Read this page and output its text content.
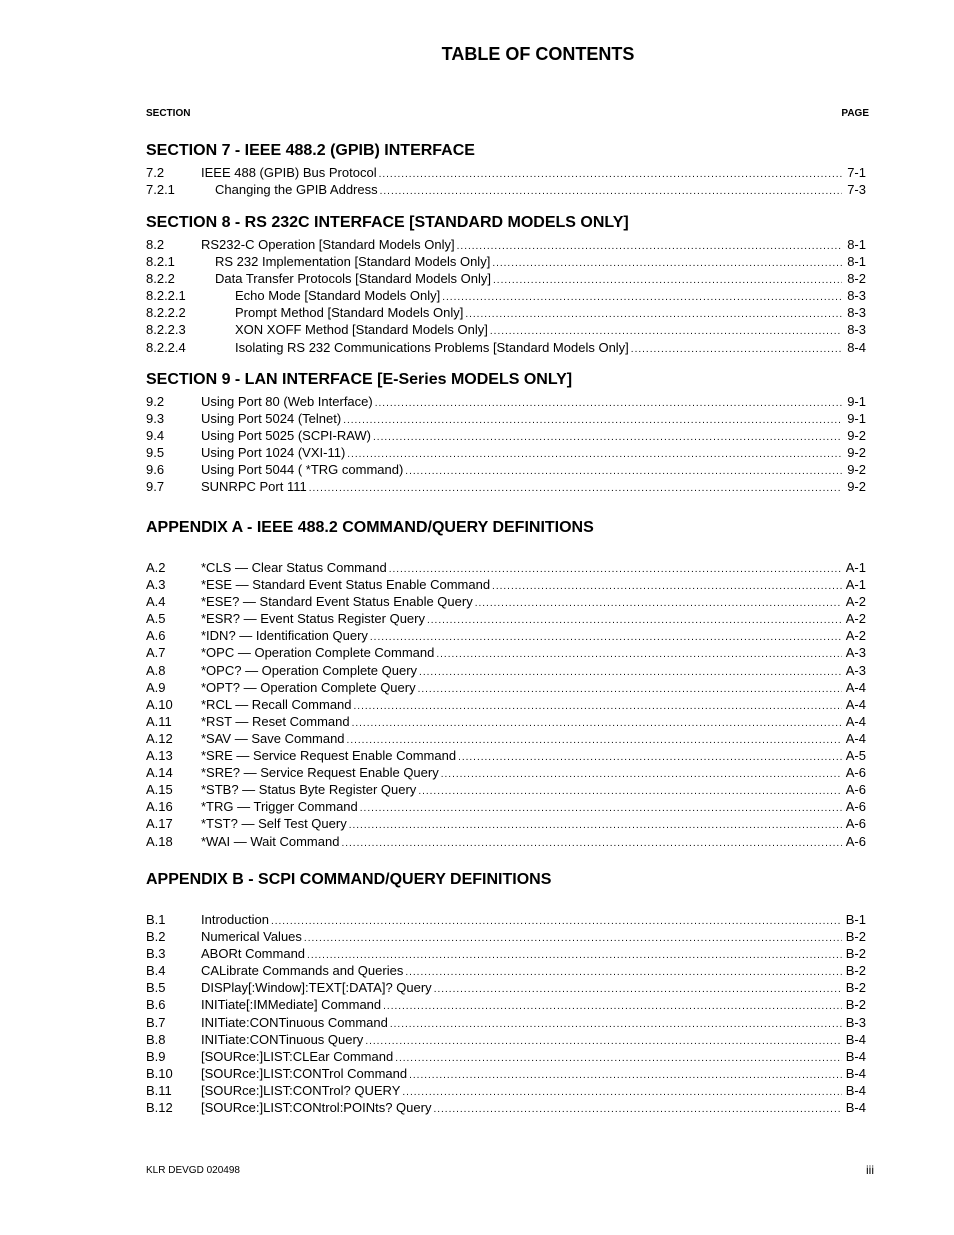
TABLE OF CONTENTS
SECTION	PAGE
SECTION 7 - IEEE 488.2 (GPIB) INTERFACE
7.2	IEEE 488 (GPIB) Bus Protocol .....	7-1
7.2.1	Changing the GPIB Address .....	7-3
SECTION 8 - RS 232C INTERFACE [STANDARD MODELS ONLY]
8.2	RS232-C Operation [Standard Models Only] .....	8-1
8.2.1	RS 232 Implementation [Standard Models Only] .....	8-1
8.2.2	Data Transfer Protocols [Standard Models Only] .....	8-2
8.2.2.1	Echo Mode [Standard Models Only] .....	8-3
8.2.2.2	Prompt Method [Standard Models Only] .....	8-3
8.2.2.3	XON XOFF Method [Standard Models Only] .....	8-3
8.2.2.4	Isolating RS 232 Communications Problems [Standard Models Only] .....	8-4
SECTION 9 - LAN INTERFACE [E-Series MODELS ONLY]
9.2	Using Port 80 (Web Interface) .....	9-1
9.3	Using Port 5024 (Telnet) .....	9-1
9.4	Using Port 5025 (SCPI-RAW) .....	9-2
9.5	Using Port 1024 (VXI-11) .....	9-2
9.6	Using Port 5044 ( *TRG command) .....	9-2
9.7	SUNRPC Port 111 .....	9-2
APPENDIX A - IEEE 488.2 COMMAND/QUERY DEFINITIONS
A.2	*CLS — Clear Status Command .....	A-1
A.3	*ESE — Standard Event Status Enable Command .....	A-1
A.4	*ESE? — Standard Event Status Enable Query .....	A-2
A.5	*ESR? — Event Status Register Query .....	A-2
A.6	*IDN? — Identification Query .....	A-2
A.7	*OPC — Operation Complete Command .....	A-3
A.8	*OPC? — Operation Complete Query .....	A-3
A.9	*OPT? — Operation Complete Query .....	A-4
A.10	*RCL — Recall Command .....	A-4
A.11	*RST — Reset Command .....	A-4
A.12	*SAV — Save Command .....	A-4
A.13	*SRE — Service Request Enable Command .....	A-5
A.14	*SRE? — Service Request Enable Query .....	A-6
A.15	*STB? — Status Byte Register Query .....	A-6
A.16	*TRG — Trigger Command .....	A-6
A.17	*TST? — Self Test Query .....	A-6
A.18	*WAI — Wait Command .....	A-6
APPENDIX B - SCPI COMMAND/QUERY DEFINITIONS
B.1	Introduction .....	B-1
B.2	Numerical Values .....	B-2
B.3	ABORt Command .....	B-2
B.4	CALibrate Commands and Queries .....	B-2
B.5	DISPlay[:Window]:TEXT[:DATA]? Query .....	B-2
B.6	INITiate[:IMMediate] Command .....	B-2
B.7	INITiate:CONTinuous Command .....	B-3
B.8	INITiate:CONTinuous Query .....	B-4
B.9	[SOURce:]LIST:CLEar Command .....	B-4
B.10	[SOURce:]LIST:CONTrol Command .....	B-4
B.11	[SOURce:]LIST:CONTrol? QUERY .....	B-4
B.12	[SOURce:]LIST:CONtrol:POINts? Query .....	B-4
KLR DEVGD 020498	iii
